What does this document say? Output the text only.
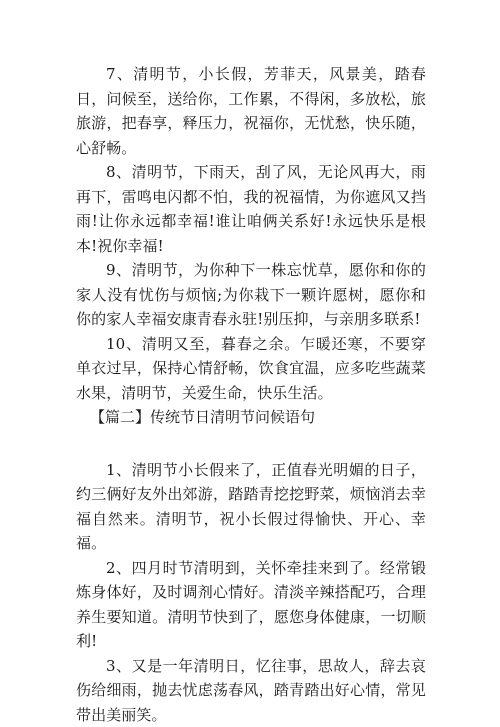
7、清明节，小长假，芳菲天，风景美，踏春日，问候至，送给你，工作累，不得闲，多放松，旅旅游，把春享，释压力，祝福你，无忧愁，快乐随，心舒畅。

8、清明节，下雨天，刮了风，无论风再大，雨再下，雷鸣电闪都不怕，我的祝福情，为你遮风又挡雨!让你永远都幸福!谁让咱俩关系好!永远快乐是根本!祝你幸福!

9、清明节，为你种下一株忘忧草，愿你和你的家人没有忧伤与烦恼;为你栽下一颗许愿树，愿你和你的家人幸福安康青春永驻!别压抑，与亲朋多联系!

10、清明又至，暮春之余。乍暖还寒，不要穿单衣过早，保持心情舒畅，饮食宜温，应多吃些蔬菜水果，清明节，关爱生命，快乐生活。

【篇二】传统节日清明节问候语句

1、清明节小长假来了，正值春光明媚的日子，约三俩好友外出郊游，踏踏青挖挖野菜，烦恼消去幸福自然来。清明节，祝小长假过得愉快、开心、幸福。

2、四月时节清明到，关怀牵挂来到了。经常锻炼身体好，及时调剂心情好。清淡辛辣搭配巧，合理养生要知道。清明节快到了，愿您身体健康，一切顺利!

3、又是一年清明日，忆往事，思故人，辞去哀伤给细雨，抛去忧虑荡春风，踏青踏出好心情，常见带出美丽笑。
